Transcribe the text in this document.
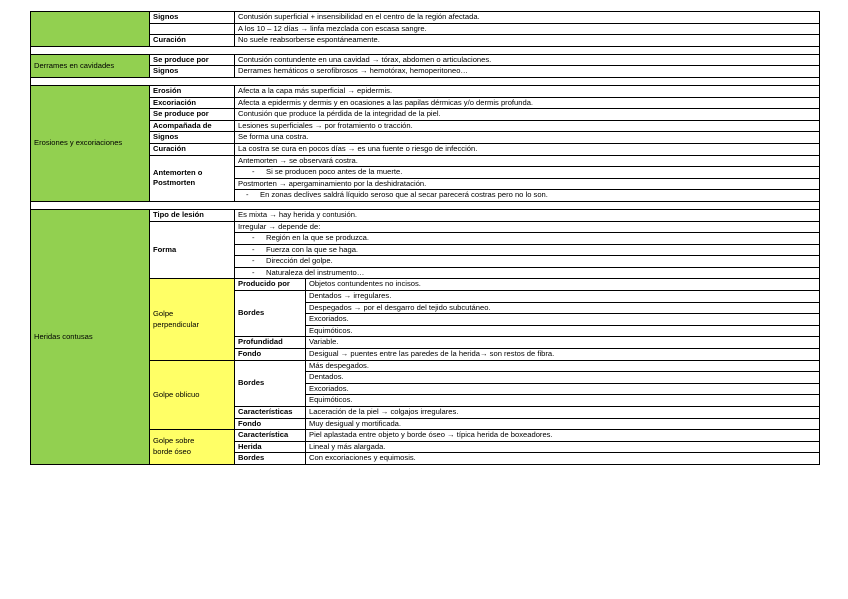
	Signos	Contusión superficial + insensibilidad en el centro de la región afectada.	

		A los 10 – 12 días → linfa mezclada con escasa sangre.	

	Curación	No suele reabsorberse espontáneamente.	

Derrames en cavidades	Se produce por	Contusión contundente en una cavidad → tórax, abdomen o articulaciones.	
	Signos	Derrames hemáticos o serofibrosos → hemotórax, hemoperitoneo…	

Erosiones y excoriaciones	Erosión	Afecta a la capa más superficial → epidermis.	
	Excoriación	Afecta a epidermis y dermis y en ocasiones a las papilas dérmicas y/o dermis profunda.	
	Se produce por	Contusión que produce la pérdida de la integridad de la piel.	
	Acompañada de	Lesiones superficiales → por frotamiento o tracción.	
	Signos	Se forma una costra.	
	Curación	La costra se cura en pocos días → es una fuente o riesgo de infección.	

	Antemorten o
Postmorten	Antemorten → se observará costra.	

		- Si se producen poco antes de la muerte.

		Postmorten → apergaminamiento por la deshidratación.	

		- En zonas declives saldrá líquido seroso que al secar parecerá costras pero no lo son.

Heridas contusas	Tipo de lesión	Es mixta → hay herida y contusión.	
	Forma	Irregular → depende de:	

		- Región en la que se produzca.

		- Fuerza con la que se haga.

		- Dirección del golpe.

		- Naturaleza del instrumento…

	Golpe
perpendicular	Producido por	Objetos contundentes no incisos.
		Bordes	Dentados → irregulares.
			Despegados → por el desgarro del tejido subcutáneo.
			Excoriados.
			Equimóticos.
		Profundidad	Variable.
		Fondo	Desigual → puentes entre las paredes de la herida→ son restos de fibra.
	Golpe oblicuo	Bordes	Más despegados.
			Dentados.
			Excoriados.
			Equimóticos.
		Características	Laceración de la piel → colgajos irregulares.
		Fondo	Muy desigual y mortificada.

	Golpe sobre
borde óseo	Característica	Piel aplastada entre objeto y borde óseo → típica herida de boxeadores.
		Herida	Lineal y más alargada.
		Bordes	Con excoriaciones y equimosis.
